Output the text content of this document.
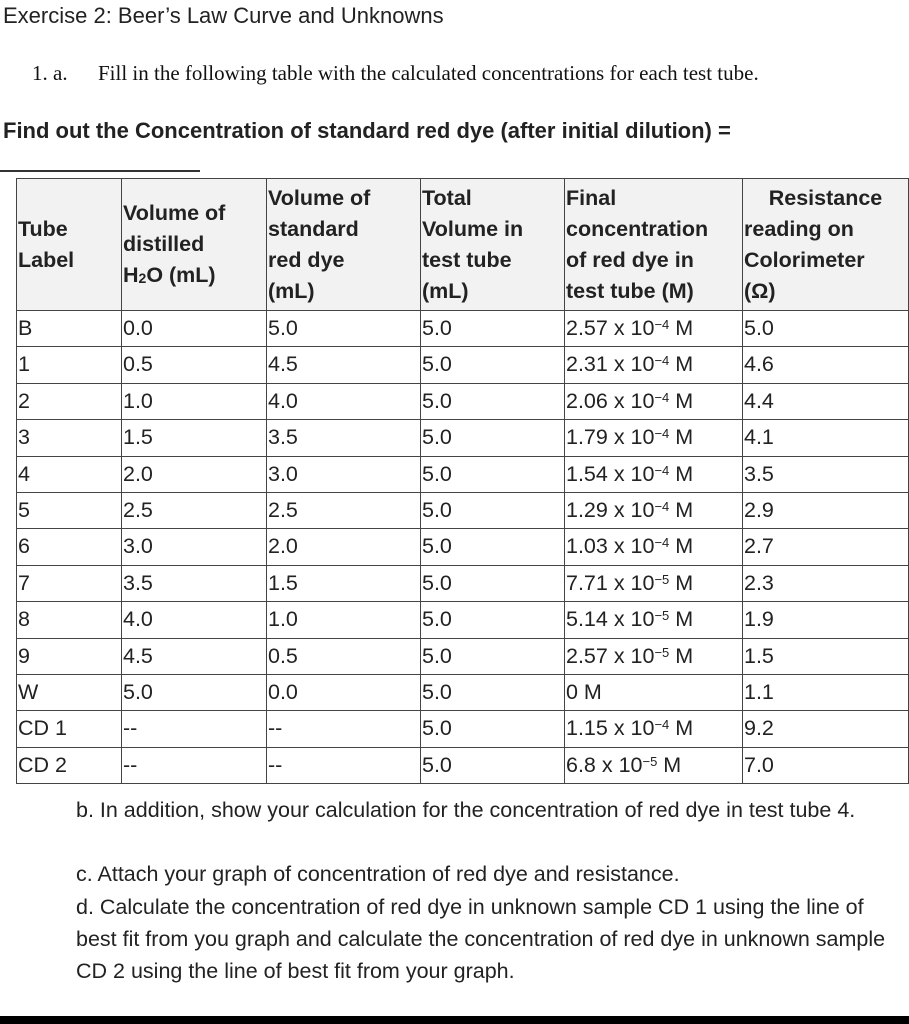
Exercise 2: Beer’s Law Curve and Unknowns
1. a. Fill in the following table with the calculated concentrations for each test tube.
Find out the Concentration of standard red dye (after initial dilution) =
Tube
Label	Volume of
distilled
$H_2O$ (mL)	Volume of
standard
red dye
(mL)	Total
Volume in
test tube
(mL)	Final
concentration
of red dye in
test tube (M)	Resistance
reading on
Colorimeter
(Ω)
B	0.0	5.0	5.0	2.57 x $10^{-4}$ M	5.0
1	0.5	4.5	5.0	2.31 x $10^{-4}$ M	4.6
2	1.0	4.0	5.0	2.06 x $10^{-4}$ M	4.4
3	1.5	3.5	5.0	1.79 x $10^{-4}$ M	4.1
4	2.0	3.0	5.0	1.54 x $10^{-4}$ M	3.5
5	2.5	2.5	5.0	1.29 x $10^{-4}$ M	2.9
6	3.0	2.0	5.0	1.03 x $10^{-4}$ M	2.7
7	3.5	1.5	5.0	7.71 x $10^{-5}$ M	2.3
8	4.0	1.0	5.0	5.14 x $10^{-5}$ M	1.9
9	4.5	0.5	5.0	2.57 x $10^{-5}$ M	1.5
W	5.0	0.0	5.0	0 M	1.1
CD 1	--	--	5.0	1.15 x $10^{-4}$ M	9.2
CD 2	--	--	5.0	6.8 x $10^{-5}$ M	7.0
b. In addition, show your calculation for the concentration of red dye in test tube 4.
c. Attach your graph of concentration of red dye and resistance.
d. Calculate the concentration of red dye in unknown sample CD 1 using the line of best fit from you graph and calculate the concentration of red dye in unknown sample CD 2 using the line of best fit from your graph.
